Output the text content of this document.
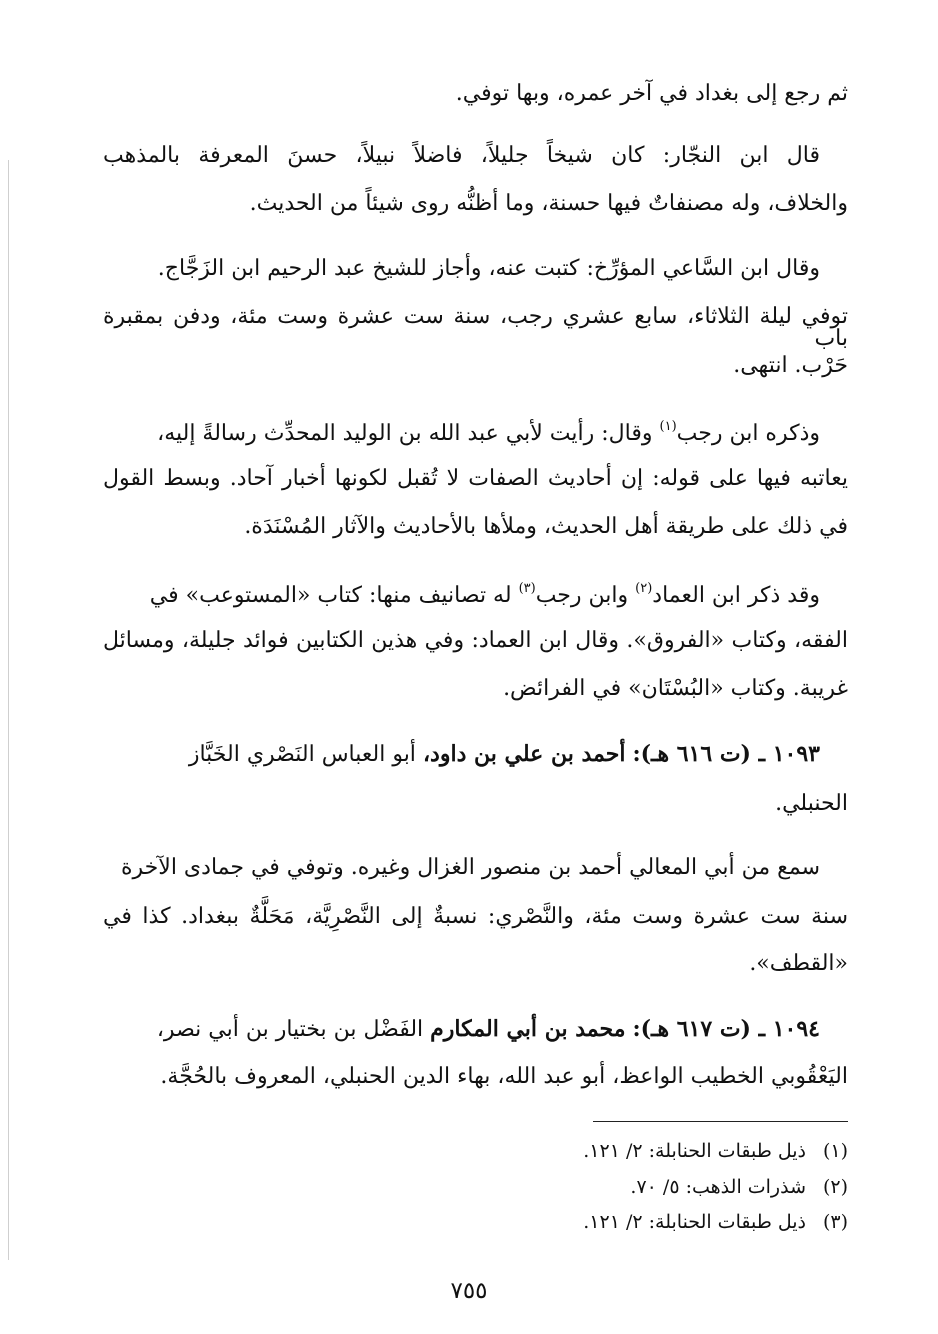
ثم رجع إلى بغداد في آخر عمره، وبها توفي.
قال ابن النجّار: كان شيخاً جليلاً، فاضلاً نبيلاً، حسنَ المعرفة بالمذهب
والخلاف، وله مصنفاتٌ فيها حسنة، وما أظنُّه روى شيئاً من الحديث.
وقال ابن السَّاعي المؤرِّخ: كتبت عنه، وأجاز للشيخ عبد الرحيم ابن الزَجَّاج.
توفي ليلة الثلاثاء، سابع عشري رجب، سنة ست عشرة وست مئة، ودفن بمقبرة باب
حَرْب. انتهى.
وذكره ابن رجب$^{(١)}$ وقال: رأيت لأبي عبد الله بن الوليد المحدِّث رسالةً إليه،
يعاتبه فيها على قوله: إن أحاديث الصفات لا تُقبل لكونها أخبار آحاد. وبسط القول
في ذلك على طريقة أهل الحديث، وملأها بالأحاديث والآثار المُسْنَدَة.
وقد ذكر ابن العماد$^{(٢)}$ وابن رجب$^{(٣)}$ له تصانيف منها: كتاب «المستوعب» في
الفقه، وكتاب «الفروق». وقال ابن العماد: وفي هذين الكتابين فوائد جليلة، ومسائل
غريبة. وكتاب «البُسْتَان» في الفرائض.
١٠٩٣ ـ (ت ٦١٦ هـ): أحمد بن علي بن داود، أبو العباس النَصْري الخَبَّاز
الحنبلي.
سمع من أبي المعالي أحمد بن منصور الغزال وغيره. وتوفي في جمادى الآخرة
سنة ست عشرة وست مئة، والنَّصْري: نسبةٌ إلى النَّصْرِيَّة، مَحَلَّةٌ ببغداد. كذا في
«القطف».
١٠٩٤ ـ (ت ٦١٧ هـ): محمد بن أبي المكارم الفَضْل بن بختيار بن أبي نصر،
اليَعْقُوبي الخطيب الواعظ، أبو عبد الله، بهاء الدين الحنبلي، المعروف بالحُجَّة.
(١)ذيل طبقات الحنابلة: ٢/ ١٢١.
(٢)شذرات الذهب: ٥/ ٧٠.
(٣)ذيل طبقات الحنابلة: ٢/ ١٢١.
٧٥٥
